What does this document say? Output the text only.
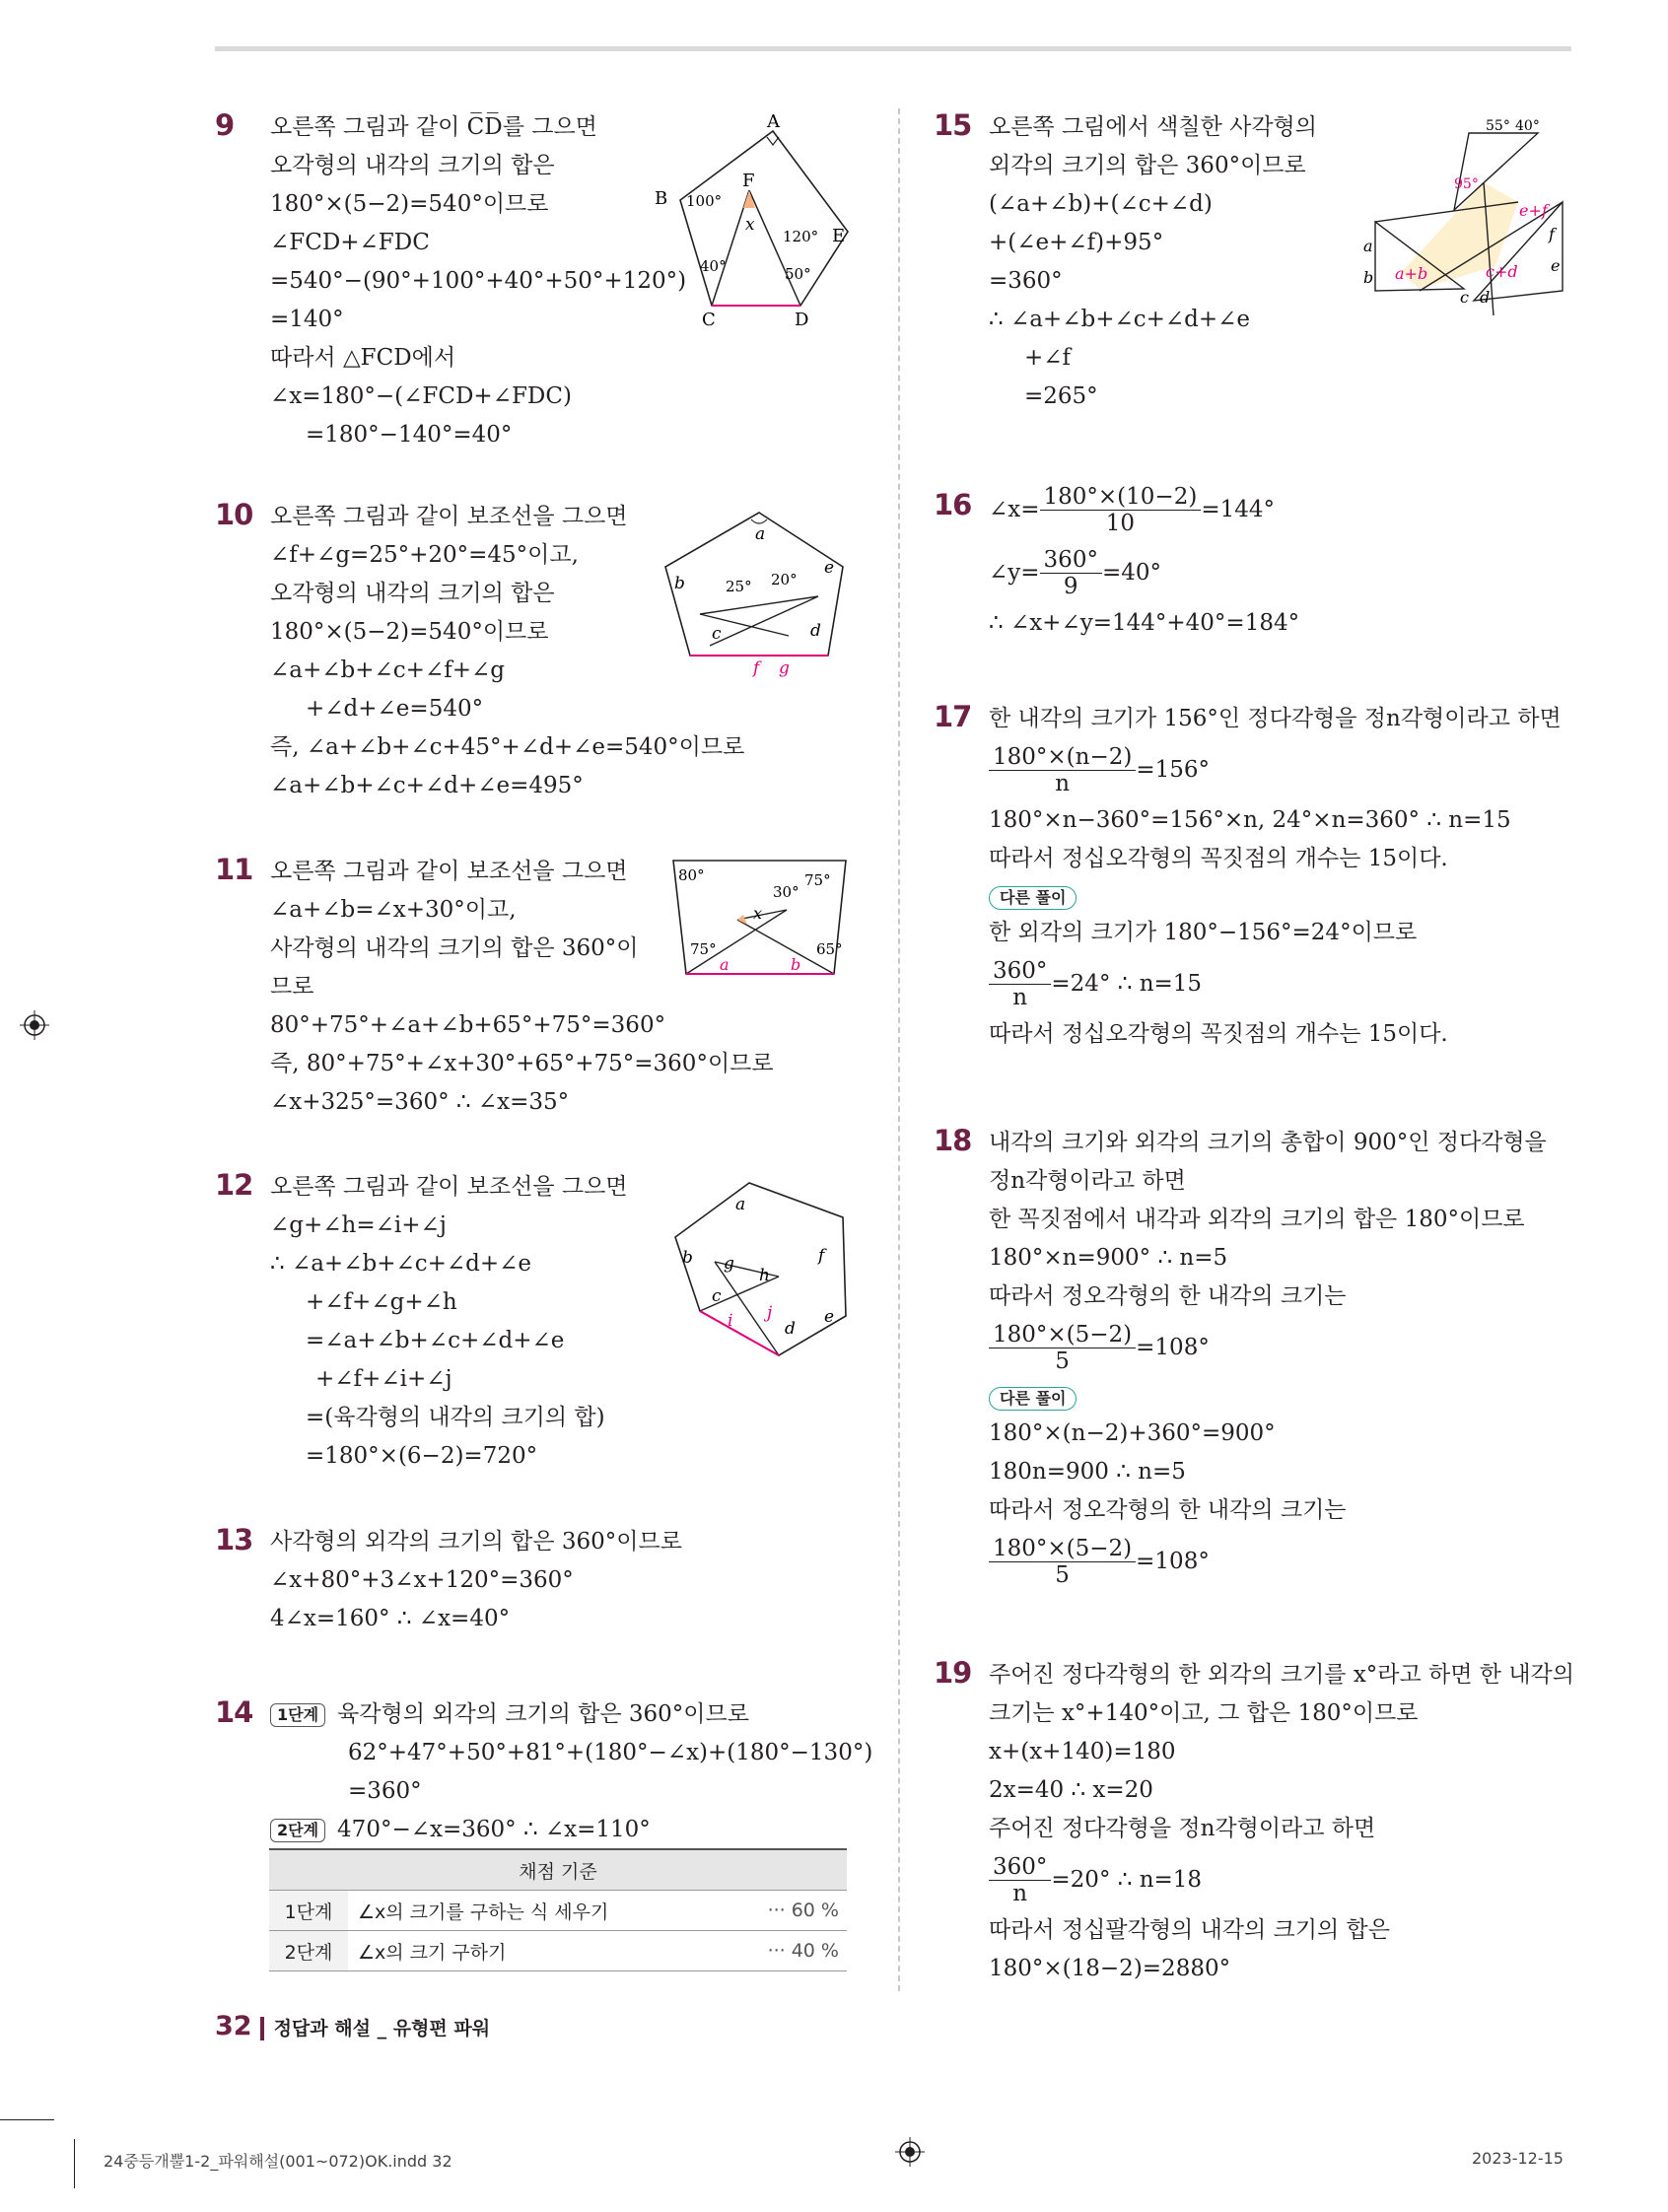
9 오른쪽 그림과 같이 C̅D̅를 그으면
오각형의 내각의 크기의 합은
180°×(5−2)=540°이므로
∠FCD+∠FDC
=540°−(90°+100°+40°+50°+120°)
=140°
따라서 △FCD에서
∠x=180°−(∠FCD+∠FDC)
=180°−140°=40°
A
B
C	D
E
F
x
100°
120°
40°	50°
10 오른쪽 그림과 같이 보조선을 그으면
∠f+∠g=25°+20°=45°이고,
오각형의 내각의 크기의 합은
180°×(5−2)=540°이므로
∠a+∠b+∠c+∠f+∠g
+∠d+∠e=540°
즉, ∠a+∠b+∠c+45°+∠d+∠e=540°이므로
∠a+∠b+∠c+∠d+∠e=495°
a
b
c	d
e
f g
25° 20°
11 오른쪽 그림과 같이 보조선을 그으면
∠a+∠b=∠x+30°이고,
사각형의 내각의 크기의 합은 360°이
므로
80°+75°+∠a+∠b+65°+75°=360°
즉, 80°+75°+∠x+30°+65°+75°=360°이므로
∠x+325°=360° ∴ ∠x=35°
80°	75°
30°
x
75°	65°
a	b
12 오른쪽 그림과 같이 보조선을 그으면
∠g+∠h=∠i+∠j
∴ ∠a+∠b+∠c+∠d+∠e
+∠f+∠g+∠h
=∠a+∠b+∠c+∠d+∠e
+∠f+∠i+∠j
=(육각형의 내각의 크기의 합)
=180°×(6−2)=720°
a
b
c
d
e
f
g
h
i j
13 사각형의 외각의 크기의 합은 360°이므로
∠x+80°+3∠x+120°=360°
4∠x=160° ∴ ∠x=40°
14	1단계 육각형의 외각의 크기의 합은 360°이므로
62°+47°+50°+81°+(180°−∠x)+(180°−130°)
=360°
2단계 470°−∠x=360° ∴ ∠x=110°
채점 기준		
1단계	∠x의 크기를 구하는 식 세우기	··· 60 %
2단계	∠x의 크기 구하기	··· 40 %
15 오른쪽 그림에서 색칠한 사각형의
외각의 크기의 합은 360°이므로
(∠a+∠b)+(∠c+∠d)
+(∠e+∠f)+95°
=360°
∴ ∠a+∠b+∠c+∠d+∠e
+∠f
=265°
55° 40°
95°
e+f
f
e
a
b a+b	c+d
c d
16 ∠x= $\frac{180^\circ\times(10-2)}{10} =144^\circ$
∠y= $\frac{360^\circ}{9} =40^\circ$
∴ ∠x+∠y=144°+40°=184°
17 한 내각의 크기가 156°인 정다각형을 정n각형이라고 하면
$\frac{180^\circ\times(n-2)}{n} =156^\circ$
180°×n−360°=156°×n, 24°×n=360° ∴ n=15
따라서 정십오각형의 꼭짓점의 개수는 15이다.
다른 풀이
한 외각의 크기가 180°−156°=24°이므로
$\frac{360^\circ}{n} =24^\circ$ ∴ n=15
따라서 정십오각형의 꼭짓점의 개수는 15이다.
18 내각의 크기와 외각의 크기의 총합이 900°인 정다각형을
정n각형이라고 하면
한 꼭짓점에서 내각과 외각의 크기의 합은 180°이므로
180°×n=900° ∴ n=5
따라서 정오각형의 한 내각의 크기는
$\frac{180^\circ\times(5-2)}{5} =108^\circ$
다른 풀이
180°×(n−2)+360°=900°
180n=900 ∴ n=5
따라서 정오각형의 한 내각의 크기는
$\frac{180^\circ\times(5-2)}{5} =108^\circ$
19 주어진 정다각형의 한 외각의 크기를 x°라고 하면 한 내각의
크기는 x°+140°이고, 그 합은 180°이므로
x+(x+140)=180
2x=40 ∴ x=20
주어진 정다각형을 정n각형이라고 하면
$\frac{360^\circ}{n} =20^\circ$ ∴ n=18
따라서 정십팔각형의 내각의 크기의 합은
180°×(18−2)=2880°
32 정답과 해설 _ 유형편 파워
24중등개뿔1-2_파워해설(001~072)OK.indd 32	2023-12-15
